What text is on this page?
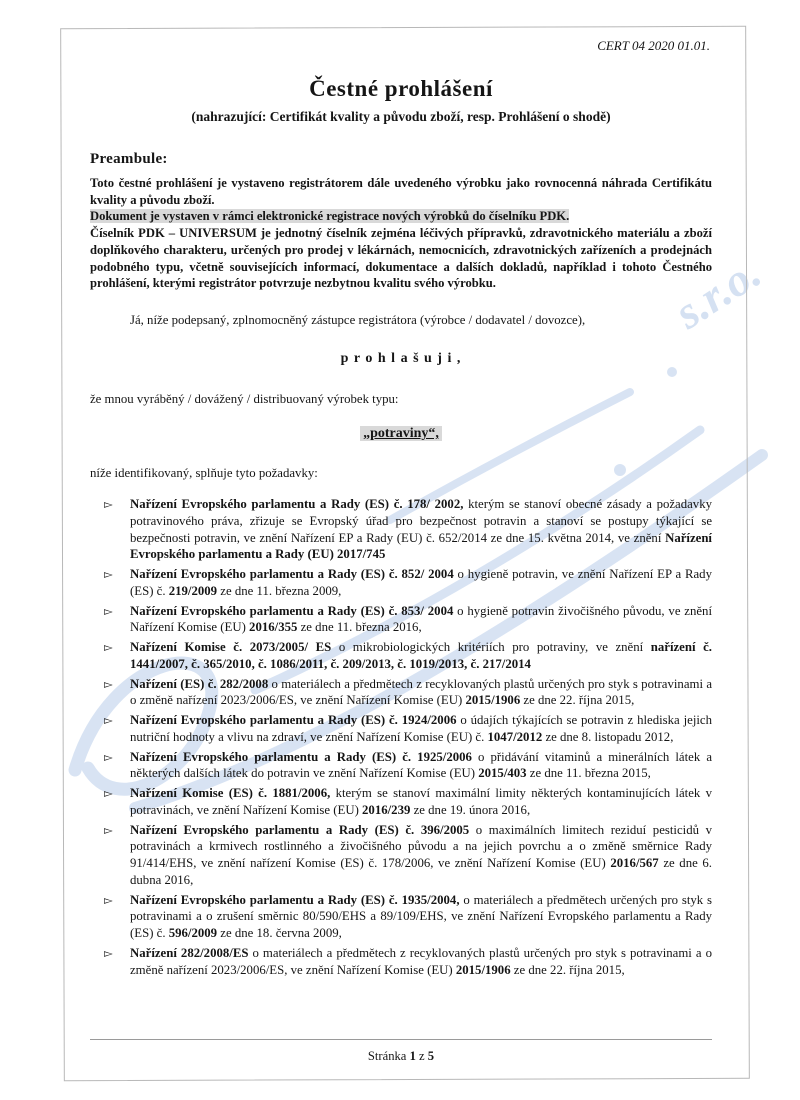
s.r.o.
CERT 04 2020 01.01.
Čestné prohlášení
(nahrazující: Certifikát kvality a původu zboží, resp. Prohlášení o shodě)
Preambule:
Toto čestné prohlášení je vystaveno registrátorem dále uvedeného výrobku jako rovnocenná náhrada Certifikátu kvality a původu zboží.
Dokument je vystaven v rámci elektronické registrace nových výrobků do číselníku PDK.
Číselník PDK – UNIVERSUM je jednotný číselník zejména léčivých přípravků, zdravotnického materiálu a zboží doplňkového charakteru, určených pro prodej v lékárnách, nemocnicích, zdravotnických zařízeních a prodejnách podobného typu, včetně souvisejících informací, dokumentace a dalších dokladů, například i tohoto Čestného prohlášení, kterými registrátor potvrzuje nezbytnou kvalitu svého výrobku.

Já, níže podepsaný, zplnomocněný zástupce registrátora (výrobce / dodavatel / dovozce),

p r o h l a š u j i ,

že mnou vyráběný / dovážený / distribuovaný výrobek typu:

„potraviny“,

níže identifikovaný, splňuje tyto požadavky:

▻	Nařízení Evropského parlamentu a Rady (ES) č. 178/ 2002, kterým se stanoví obecné zásady a požadavky potravinového práva, zřizuje se Evropský úřad pro bezpečnost potravin a stanoví se postupy týkající se bezpečnosti potravin, ve znění Nařízení EP a Rady (EU) č. 652/2014 ze dne 15. května 2014, ve znění Nařízení Evropského parlamentu a Rady (EU) 2017/745
▻	Nařízení Evropského parlamentu a Rady (ES) č. 852/ 2004 o hygieně potravin, ve znění Nařízení EP a Rady (ES) č. 219/2009 ze dne 11. března 2009,
▻	Nařízení Evropského parlamentu a Rady (ES) č. 853/ 2004 o hygieně potravin živočišného původu, ve znění Nařízení Komise (EU) 2016/355 ze dne 11. března 2016,
▻	Nařízení Komise č. 2073/2005/ ES o mikrobiologických kritériích pro potraviny, ve znění nařízení č. 1441/2007, č. 365/2010, č. 1086/2011, č. 209/2013, č. 1019/2013, č. 217/2014
▻	Nařízení (ES) č. 282/2008 o materiálech a předmětech z recyklovaných plastů určených pro styk s potravinami a o změně nařízení 2023/2006/ES, ve znění Nařízení Komise (EU) 2015/1906 ze dne 22. října 2015,
▻	Nařízení Evropského parlamentu a Rady (ES) č. 1924/2006 o údajích týkajících se potravin z hlediska jejich nutriční hodnoty a vlivu na zdraví, ve znění Nařízení Komise (EU) č. 1047/2012 ze dne 8. listopadu 2012,
▻	Nařízení Evropského parlamentu a Rady (ES) č. 1925/2006 o přidávání vitaminů a minerálních látek a některých dalších látek do potravin ve znění Nařízení Komise (EU) 2015/403 ze dne 11. března 2015,
▻	Nařízení Komise (ES) č. 1881/2006, kterým se stanoví maximální limity některých kontaminujících látek v potravinách, ve znění Nařízení Komise (EU) 2016/239 ze dne 19. února 2016,
▻	Nařízení Evropského parlamentu a Rady (ES) č. 396/2005 o maximálních limitech reziduí pesticidů v potravinách a krmivech rostlinného a živočišného původu a na jejich povrchu a o změně směrnice Rady 91/414/EHS, ve znění nařízení Komise (ES) č. 178/2006, ve znění Nařízení Komise (EU) 2016/567 ze dne 6. dubna 2016,
▻	Nařízení Evropského parlamentu a Rady (ES) č. 1935/2004, o materiálech a předmětech určených pro styk s potravinami a o zrušení směrnic 80/590/EHS a 89/109/EHS, ve znění Nařízení Evropského parlamentu a Rady (ES) č. 596/2009 ze dne 18. června 2009,
▻	Nařízení 282/2008/ES o materiálech a předmětech z recyklovaných plastů určených pro styk s potravinami a o změně nařízení 2023/2006/ES, ve znění Nařízení Komise (EU) 2015/1906 ze dne 22. října 2015,
Stránka 1 z 5
